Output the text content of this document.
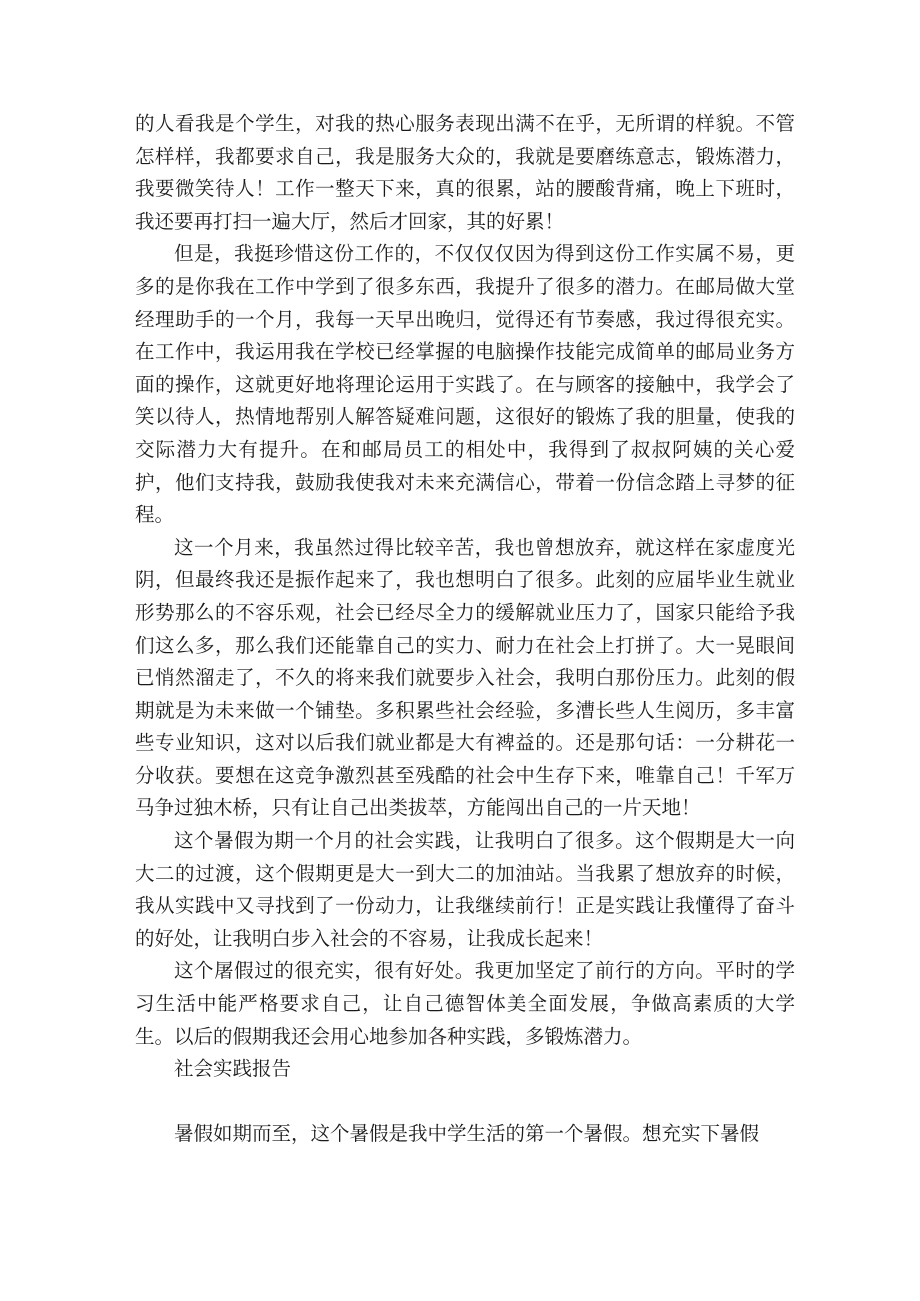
的人看我是个学生，对我的热心服务表现出满不在乎，无所谓的样貌。不管怎样样，我都要求自己，我是服务大众的，我就是要磨练意志，锻炼潜力，我要微笑待人！工作一整天下来，真的很累，站的腰酸背痛，晚上下班时，我还要再打扫一遍大厅，然后才回家，其的好累！

但是，我挺珍惜这份工作的，不仅仅仅因为得到这份工作实属不易，更多的是你我在工作中学到了很多东西，我提升了很多的潜力。在邮局做大堂经理助手的一个月，我每一天早出晚归，觉得还有节奏感，我过得很充实。在工作中，我运用我在学校已经掌握的电脑操作技能完成简单的邮局业务方面的操作，这就更好地将理论运用于实践了。在与顾客的接触中，我学会了笑以待人，热情地帮别人解答疑难问题，这很好的锻炼了我的胆量，使我的交际潜力大有提升。在和邮局员工的相处中，我得到了叔叔阿姨的关心爱护，他们支持我，鼓励我使我对未来充满信心，带着一份信念踏上寻梦的征程。

这一个月来，我虽然过得比较辛苦，我也曾想放弃，就这样在家虚度光阴，但最终我还是振作起来了，我也想明白了很多。此刻的应届毕业生就业形势那么的不容乐观，社会已经尽全力的缓解就业压力了，国家只能给予我们这么多，那么我们还能靠自己的实力、耐力在社会上打拼了。大一晃眼间已悄然溜走了，不久的将来我们就要步入社会，我明白那份压力。此刻的假期就是为未来做一个铺垫。多积累些社会经验，多漕长些人生阅历，多丰富些专业知识，这对以后我们就业都是大有裨益的。还是那句话：一分耕花一分收获。要想在这竞争激烈甚至残酷的社会中生存下来，唯靠自己！千军万马争过独木桥，只有让自己出类拔萃，方能闯出自己的一片天地！

这个暑假为期一个月的社会实践，让我明白了很多。这个假期是大一向大二的过渡，这个假期更是大一到大二的加油站。当我累了想放弃的时候，我从实践中又寻找到了一份动力，让我继续前行！正是实践让我懂得了奋斗的好处，让我明白步入社会的不容易，让我成长起来！

这个屠假过的很充实，很有好处。我更加坚定了前行的方向。平时的学习生活中能严格要求自己，让自己德智体美全面发展，争做高素质的大学生。以后的假期我还会用心地参加各种实践，多锻炼潜力。

社会实践报告

暑假如期而至，这个暑假是我中学生活的第一个暑假。想充实下暑假
